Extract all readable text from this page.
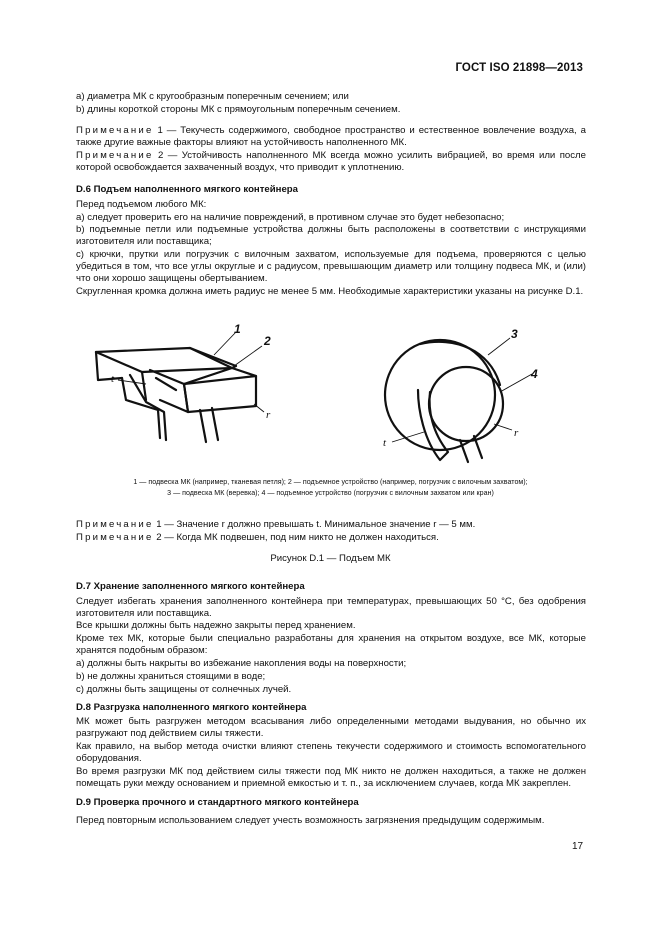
ГОСТ ISO 21898—2013
a) диаметра МК с кругообразным поперечным сечением; или
b) длины короткой стороны МК с прямоугольным поперечным сечением.
Примечание 1 — Текучесть содержимого, свободное пространство и естественное вовлечение воздуха, а также другие важные факторы влияют на устойчивость наполненного МК.
Примечание 2 — Устойчивость наполненного МК всегда можно усилить вибрацией, во время или после которой освобождается захваченный воздух, что приводит к уплотнению.
D.6 Подъем наполненного мягкого контейнера
Перед подъемом любого МК:
а) следует проверить его на наличие повреждений, в противном случае это будет небезопасно;
b) подъемные петли или подъемные устройства должны быть расположены в соответствии с инструкциями изготовителя или поставщика;
с) крючки, прутки или погрузчик с вилочным захватом, используемые для подъема, проверяются с целью убедиться в том, что все углы округлые и с радиусом, превышающим диаметр или толщину подвеса МК, и (или) что они хорошо защищены обертыванием.
Скругленная кромка должна иметь радиус не менее 5 мм. Необходимые характеристики указаны на рисунке D.1.
1
2	3
4
t
r
t
r
1 — подвеска МК (например, тканевая петля); 2 — подъемное устройство (например, погрузчик с вилочным захватом);
3 — подвеска МК (веревка); 4 — подъемное устройство (погрузчик с вилочным захватом или кран)
Примечание 1 — Значение r должно превышать t. Минимальное значение r — 5 мм.
Примечание 2 — Когда МК подвешен, под ним никто не должен находиться.
Рисунок D.1 — Подъем МК
D.7 Хранение заполненного мягкого контейнера
Следует избегать хранения заполненного контейнера при температурах, превышающих 50 °C, без одобрения изготовителя или поставщика.
Все крышки должны быть надежно закрыты перед хранением.
Кроме тех МК, которые были специально разработаны для хранения на открытом воздухе, все МК, которые хранятся подобным образом:
а) должны быть накрыты во избежание накопления воды на поверхности;
b) не должны храниться стоящими в воде;
с) должны быть защищены от солнечных лучей.
D.8 Разгрузка наполненного мягкого контейнера
МК может быть разгружен методом всасывания либо определенными методами выдувания, но обычно их разгружают под действием силы тяжести.
Как правило, на выбор метода очистки влияют степень текучести содержимого и стоимость вспомогательного оборудования.
Во время разгрузки МК под действием силы тяжести под МК никто не должен находиться, а также не должен помещать руки между основанием и приемной емкостью и т. п., за исключением случаев, когда МК закреплен.
D.9 Проверка прочного и стандартного мягкого контейнера
Перед повторным использованием следует учесть возможность загрязнения предыдущим содержимым.
17
